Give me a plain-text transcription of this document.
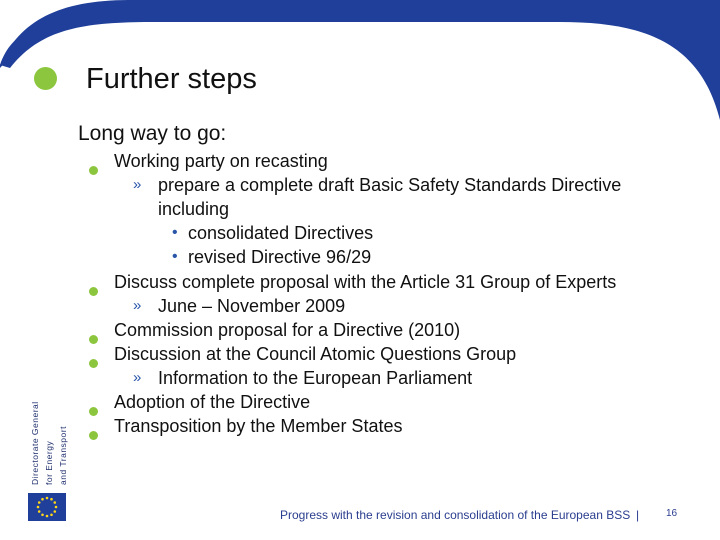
Further steps
Long way to go:
Working party on recasting
» prepare a complete draft Basic Safety Standards Directive
including
• consolidated Directives
• revised Directive 96/29
Discuss complete proposal with the Article 31 Group of Experts
» June – November 2009
Commission proposal for a Directive (2010)
Discussion at the Council Atomic Questions Group
» Information to the European Parliament
Adoption of the Directive
Transposition by the Member States
Directorate General for Energy and Transport
Progress with the revision and consolidation of the European BSS |	16
